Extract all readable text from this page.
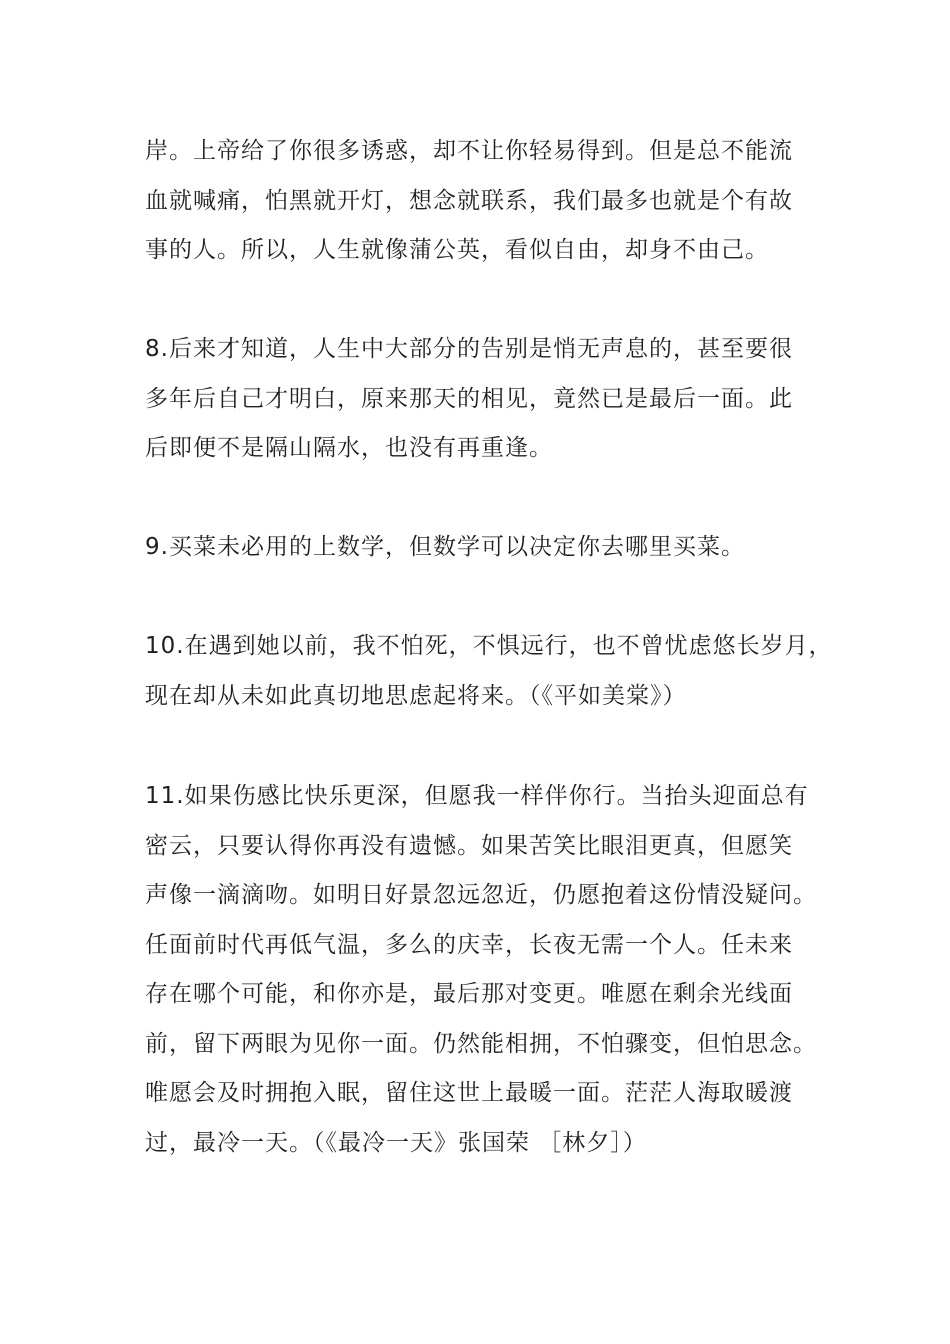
岸。上帝给了你很多诱惑，却不让你轻易得到。但是总不能流
血就喊痛，怕黑就开灯，想念就联系，我们最多也就是个有故
事的人。所以，人生就像蒲公英，看似自由，却身不由己。
8.后来才知道，人生中大部分的告别是悄无声息的，甚至要很
多年后自己才明白，原来那天的相见，竟然已是最后一面。此
后即便不是隔山隔水，也没有再重逢。
9.买菜未必用的上数学，但数学可以决定你去哪里买菜。
10.在遇到她以前，我不怕死，不惧远行，也不曾忧虑悠长岁月，
现在却从未如此真切地思虑起将来。（《平如美棠》）
11.如果伤感比快乐更深，但愿我一样伴你行。当抬头迎面总有
密云，只要认得你再没有遗憾。如果苦笑比眼泪更真，但愿笑
声像一滴滴吻。如明日好景忽远忽近，仍愿抱着这份情没疑问。
任面前时代再低气温，多么的庆幸，长夜无需一个人。任未来
存在哪个可能，和你亦是，最后那对变更。唯愿在剩余光线面
前，留下两眼为见你一面。仍然能相拥，不怕骤变，但怕思念。
唯愿会及时拥抱入眠，留住这世上最暖一面。茫茫人海取暖渡
过，最冷一天。（《最冷一天》张国荣 ［林夕］）
